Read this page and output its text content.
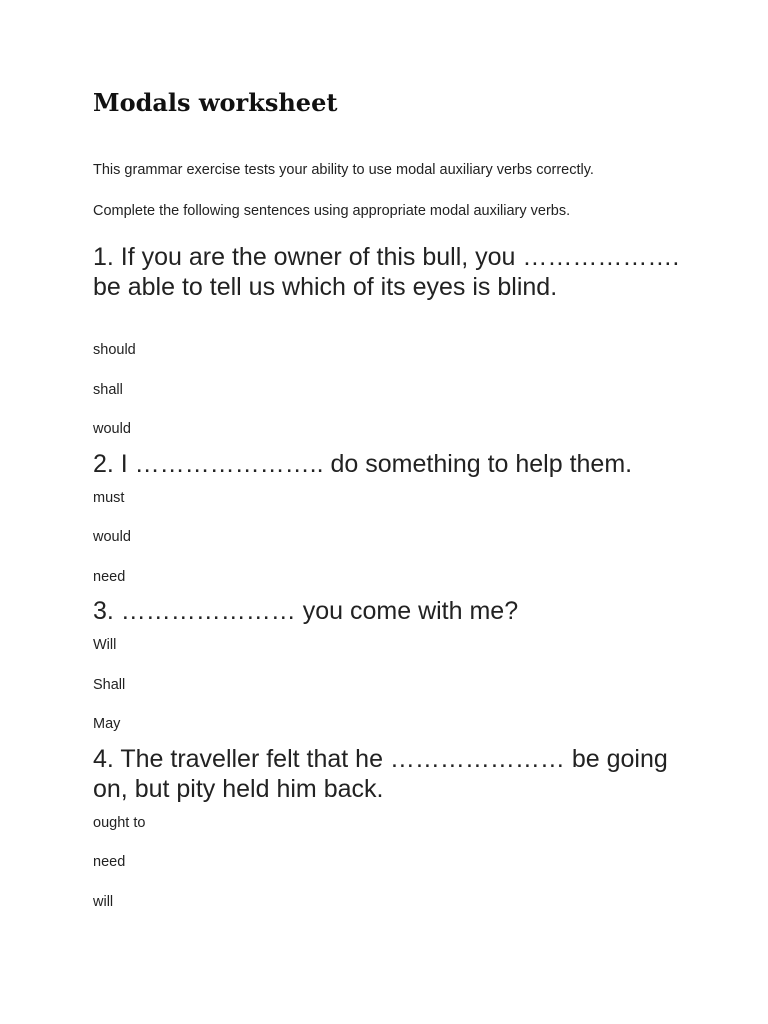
Modals worksheet

This grammar exercise tests your ability to use modal auxiliary verbs correctly.

Complete the following sentences using appropriate modal auxiliary verbs.

1. If you are the owner of this bull, you ………………. be able to tell us which of its eyes is blind.

should

shall

would

2. I ………………….. do something to help them.

must

would

need

3. ………………… you come with me?

Will

Shall

May

4. The traveller felt that he ………………… be going on, but pity held him back.

ought to

need

will
